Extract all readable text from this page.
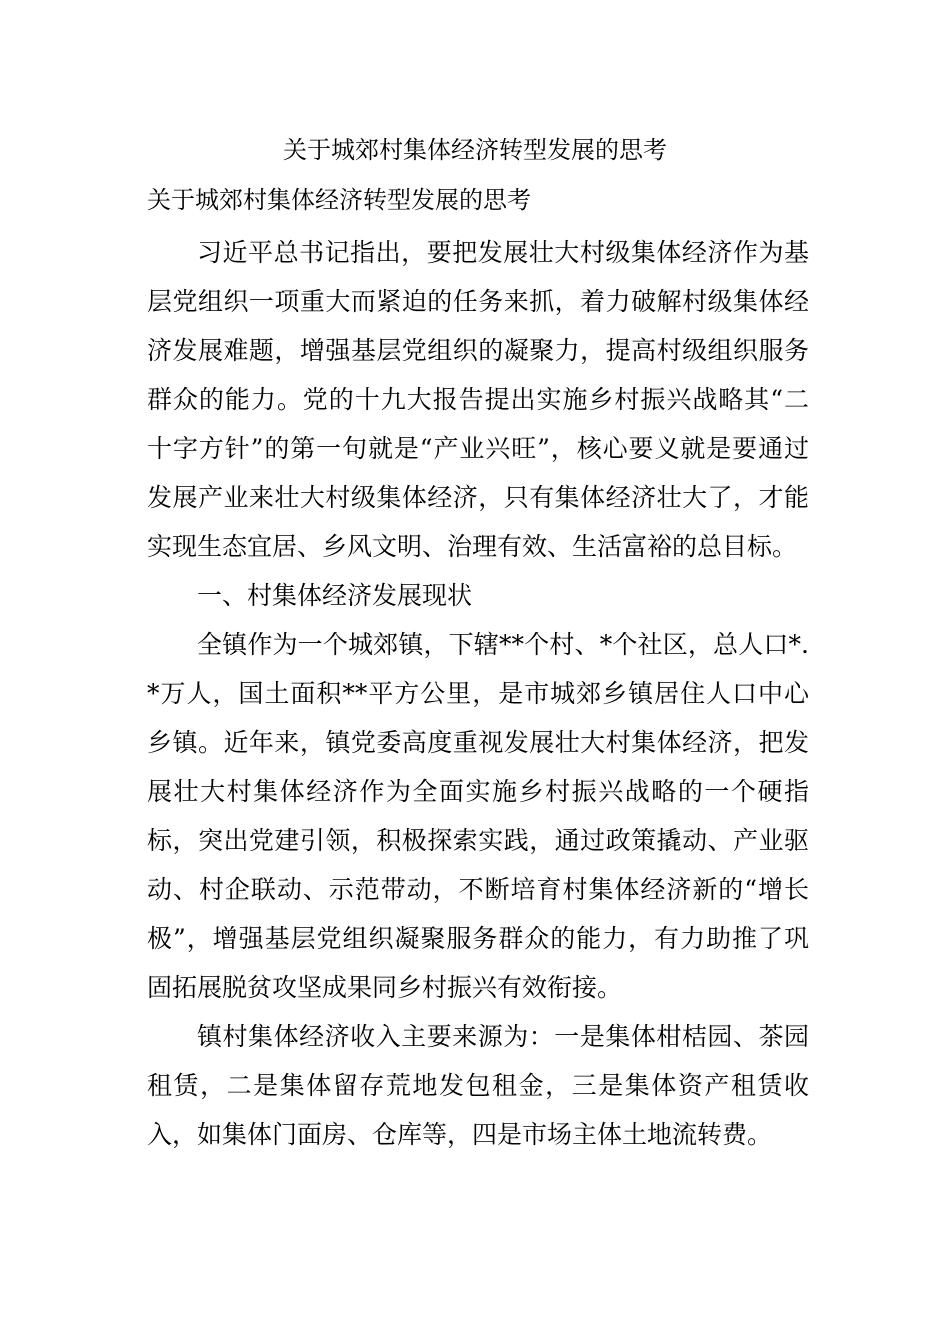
关于城郊村集体经济转型发展的思考
关于城郊村集体经济转型发展的思考

习近平总书记指出，要把发展壮大村级集体经济作为基层党组织一项重大而紧迫的任务来抓，着力破解村级集体经济发展难题，增强基层党组织的凝聚力，提高村级组织服务群众的能力。党的十九大报告提出实施乡村振兴战略其“二十字方针”的第一句就是“产业兴旺”，核心要义就是要通过发展产业来壮大村级集体经济，只有集体经济壮大了，才能实现生态宜居、乡风文明、治理有效、生活富裕的总目标。

一、村集体经济发展现状

全镇作为一个城郊镇，下辖**个村、*个社区，总人口*.*万人，国土面积**平方公里，是市城郊乡镇居住人口中心乡镇。近年来，镇党委高度重视发展壮大村集体经济，把发展壮大村集体经济作为全面实施乡村振兴战略的一个硬指标，突出党建引领，积极探索实践，通过政策撬动、产业驱动、村企联动、示范带动，不断培育村集体经济新的“增长极”，增强基层党组织凝聚服务群众的能力，有力助推了巩固拓展脱贫攻坚成果同乡村振兴有效衔接。

镇村集体经济收入主要来源为：一是集体柑桔园、茶园租赁，二是集体留存荒地发包租金，三是集体资产租赁收入，如集体门面房、仓库等，四是市场主体土地流转费。
